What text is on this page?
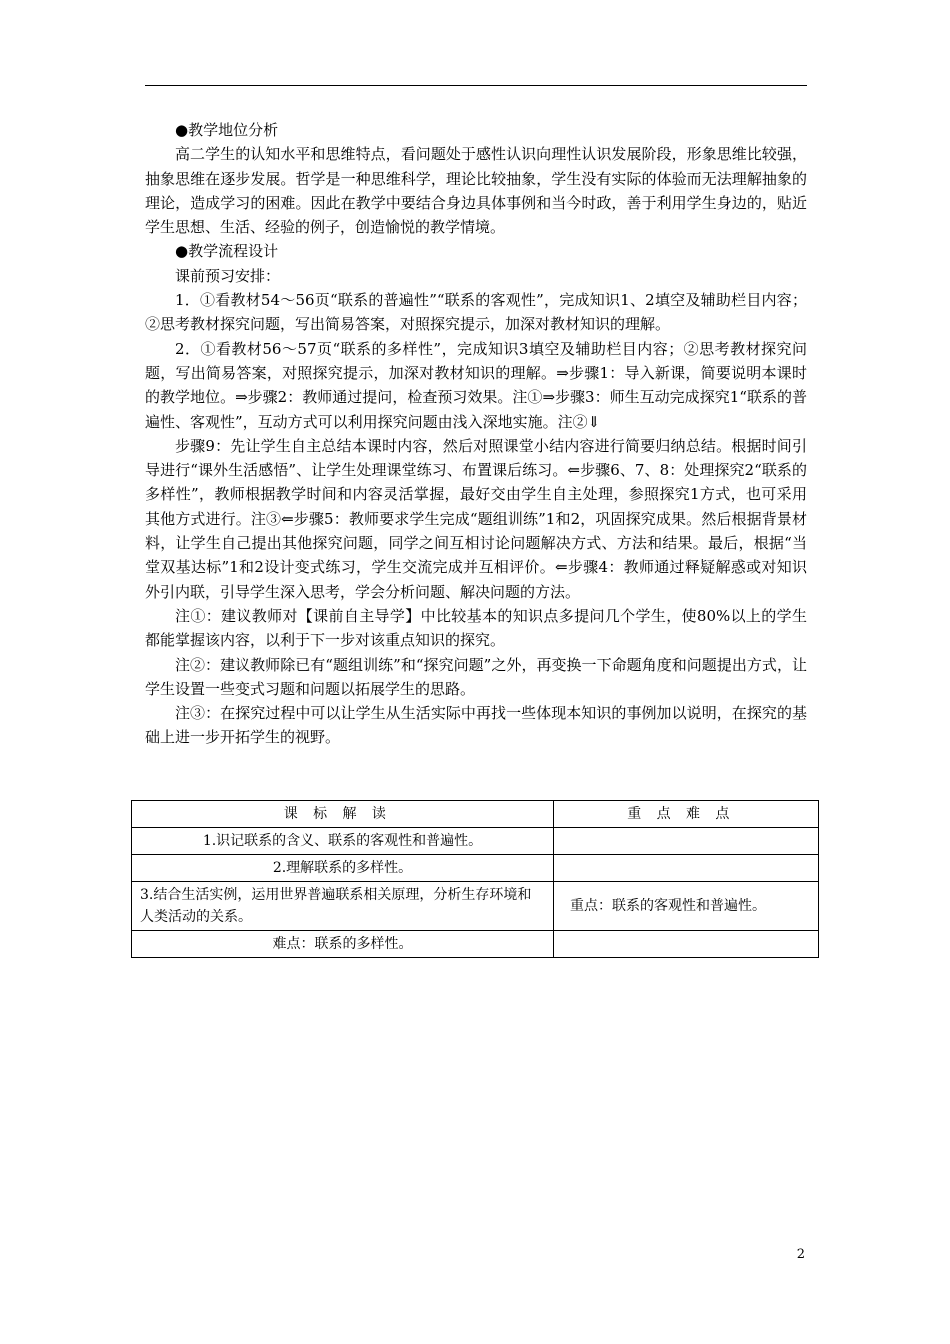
●教学地位分析

高二学生的认知水平和思维特点，看问题处于感性认识向理性认识发展阶段，形象思维比较强，抽象思维在逐步发展。哲学是一种思维科学，理论比较抽象，学生没有实际的体验而无法理解抽象的理论，造成学习的困难。因此在教学中要结合身边具体事例和当今时政，善于利用学生身边的，贴近学生思想、生活、经验的例子，创造愉悦的教学情境。

●教学流程设计

课前预习安排：

1．①看教材54～56页“联系的普遍性”“联系的客观性”，完成知识1、2填空及辅助栏目内容；②思考教材探究问题，写出简易答案，对照探究提示，加深对教材知识的理解。

2．①看教材56～57页“联系的多样性”，完成知识3填空及辅助栏目内容；②思考教材探究问题，写出简易答案，对照探究提示，加深对教材知识的理解。⇒步骤1：导入新课，简要说明本课时的教学地位。⇒步骤2：教师通过提问，检查预习效果。注①⇒步骤3：师生互动完成探究1“联系的普遍性、客观性”，互动方式可以利用探究问题由浅入深地实施。注②⇓

步骤9：先让学生自主总结本课时内容，然后对照课堂小结内容进行简要归纳总结。根据时间引导进行“课外生活感悟”、让学生处理课堂练习、布置课后练习。⇐步骤6、7、8：处理探究2“联系的多样性”，教师根据教学时间和内容灵活掌握，最好交由学生自主处理，参照探究1方式，也可采用其他方式进行。注③⇐步骤5：教师要求学生完成“题组训练”1和2，巩固探究成果。然后根据背景材料，让学生自己提出其他探究问题，同学之间互相讨论问题解决方式、方法和结果。最后，根据“当堂双基达标”1和2设计变式练习，学生交流完成并互相评价。⇐步骤4：教师通过释疑解惑或对知识外引内联，引导学生深入思考，学会分析问题、解决问题的方法。

注①：建议教师对【课前自主导学】中比较基本的知识点多提问几个学生，使80%以上的学生都能掌握该内容，以利于下一步对该重点知识的探究。

注②：建议教师除已有“题组训练”和“探究问题”之外，再变换一下命题角度和问题提出方式，让学生设置一些变式习题和问题以拓展学生的思路。

注③：在探究过程中可以让学生从生活实际中再找一些体现本知识的事例加以说明，在探究的基础上进一步开拓学生的视野。

课标解读	重点难点
1.识记联系的含义、联系的客观性和普遍性。	
2.理解联系的多样性。	
3.结合生活实例，运用世界普遍联系相关原理，分析生存环境和人类活动的关系。	重点：联系的客观性和普遍性。
难点：联系的多样性。	
2
